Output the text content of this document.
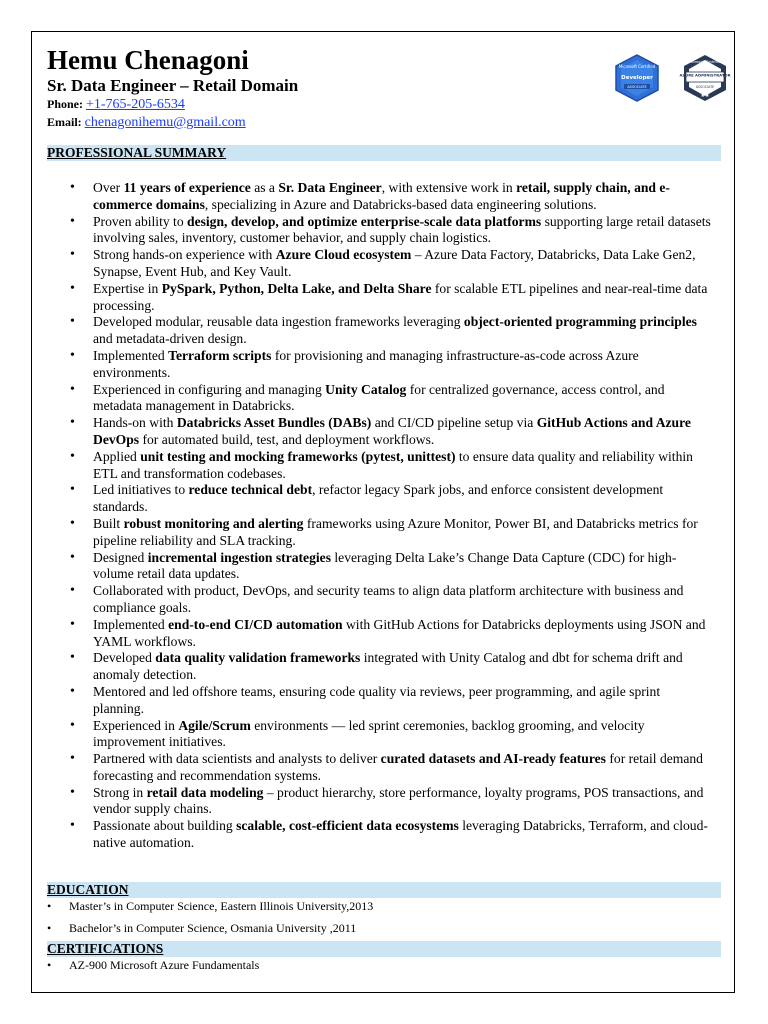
Hemu Chenagoni
Sr. Data Engineer – Retail Domain
Phone: +1-765-205-6534
Email: chenagonihemu@gmail.com
Microsoft Certified
Developer
ASSOCIATE
Microsoft Certified
AZURE ADMINISTRATOR
ASSOCIATE
★★
PROFESSIONAL SUMMARY
• Over 11 years of experience as a Sr. Data Engineer, with extensive work in retail, supply chain, and e-commerce domains, specializing in Azure and Databricks-based data engineering solutions.
• Proven ability to design, develop, and optimize enterprise-scale data platforms supporting large retail datasets involving sales, inventory, customer behavior, and supply chain logistics.
• Strong hands-on experience with Azure Cloud ecosystem – Azure Data Factory, Databricks, Data Lake Gen2, Synapse, Event Hub, and Key Vault.
• Expertise in PySpark, Python, Delta Lake, and Delta Share for scalable ETL pipelines and near-real-time data processing.
• Developed modular, reusable data ingestion frameworks leveraging object-oriented programming principles and metadata-driven design.
• Implemented Terraform scripts for provisioning and managing infrastructure-as-code across Azure environments.
• Experienced in configuring and managing Unity Catalog for centralized governance, access control, and metadata management in Databricks.
• Hands-on with Databricks Asset Bundles (DABs) and CI/CD pipeline setup via GitHub Actions and Azure DevOps for automated build, test, and deployment workflows.
• Applied unit testing and mocking frameworks (pytest, unittest) to ensure data quality and reliability within ETL and transformation codebases.
• Led initiatives to reduce technical debt, refactor legacy Spark jobs, and enforce consistent development standards.
• Built robust monitoring and alerting frameworks using Azure Monitor, Power BI, and Databricks metrics for pipeline reliability and SLA tracking.
• Designed incremental ingestion strategies leveraging Delta Lake’s Change Data Capture (CDC) for high-volume retail data updates.
• Collaborated with product, DevOps, and security teams to align data platform architecture with business and compliance goals.
• Implemented end-to-end CI/CD automation with GitHub Actions for Databricks deployments using JSON and YAML workflows.
• Developed data quality validation frameworks integrated with Unity Catalog and dbt for schema drift and anomaly detection.
• Mentored and led offshore teams, ensuring code quality via reviews, peer programming, and agile sprint planning.
• Experienced in Agile/Scrum environments — led sprint ceremonies, backlog grooming, and velocity improvement initiatives.
• Partnered with data scientists and analysts to deliver curated datasets and AI-ready features for retail demand forecasting and recommendation systems.
• Strong in retail data modeling – product hierarchy, store performance, loyalty programs, POS transactions, and vendor supply chains.
• Passionate about building scalable, cost-efficient data ecosystems leveraging Databricks, Terraform, and cloud-native automation.
EDUCATION
• Master’s in Computer Science, Eastern Illinois University,2013
• Bachelor’s in Computer Science, Osmania University ,2011
CERTIFICATIONS
• AZ-900 Microsoft Azure Fundamentals
